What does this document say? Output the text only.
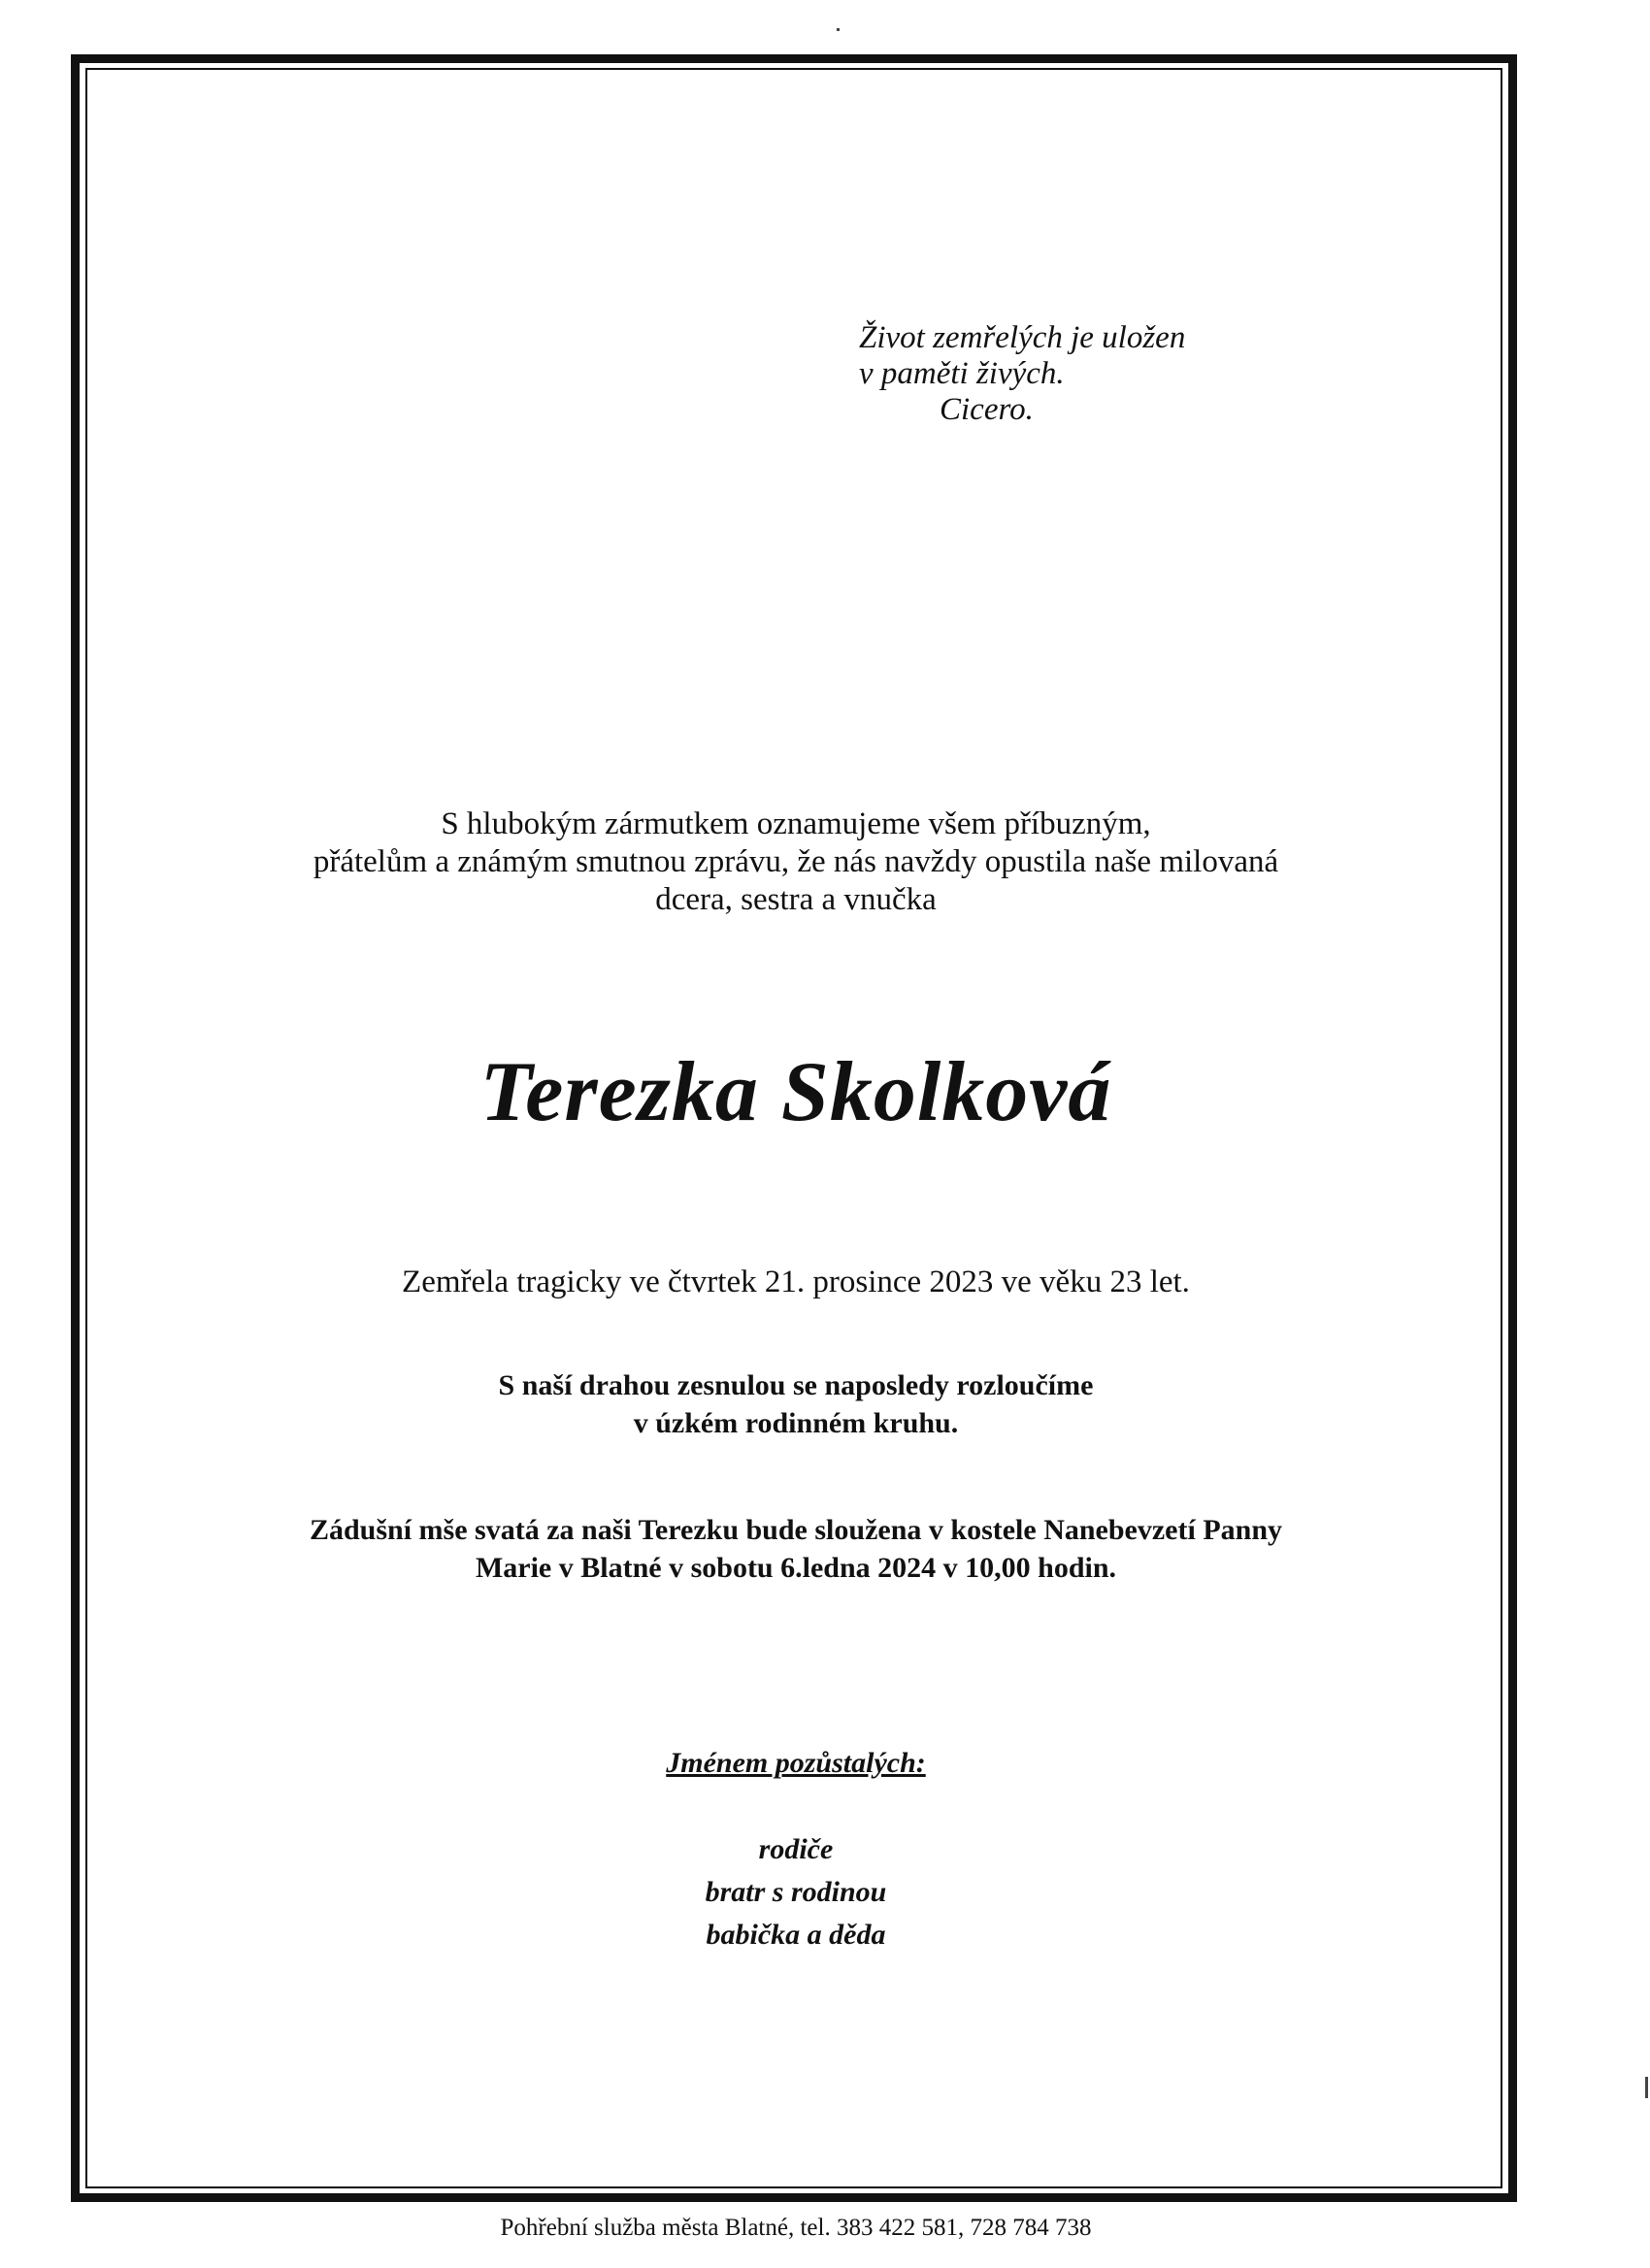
Život zemřelých je uložen
v paměti živých.
Cicero.
S hlubokým zármutkem oznamujeme všem příbuzným,
přátelům a známým smutnou zprávu, že nás navždy opustila naše milovaná
dcera, sestra a vnučka
Terezka Skolková
Zemřela tragicky ve čtvrtek 21. prosince 2023 ve věku 23 let.
S naší drahou zesnulou se naposledy rozloučíme
v úzkém rodinném kruhu.
Zádušní mše svatá za naši Terezku bude sloužena v kostele Nanebevzetí Panny
Marie v Blatné v sobotu 6.ledna 2024 v 10,00 hodin.
Jménem pozůstalých:
rodiče
bratr s rodinou
babička a děda
Pohřební služba města Blatné, tel. 383 422 581, 728 784 738
